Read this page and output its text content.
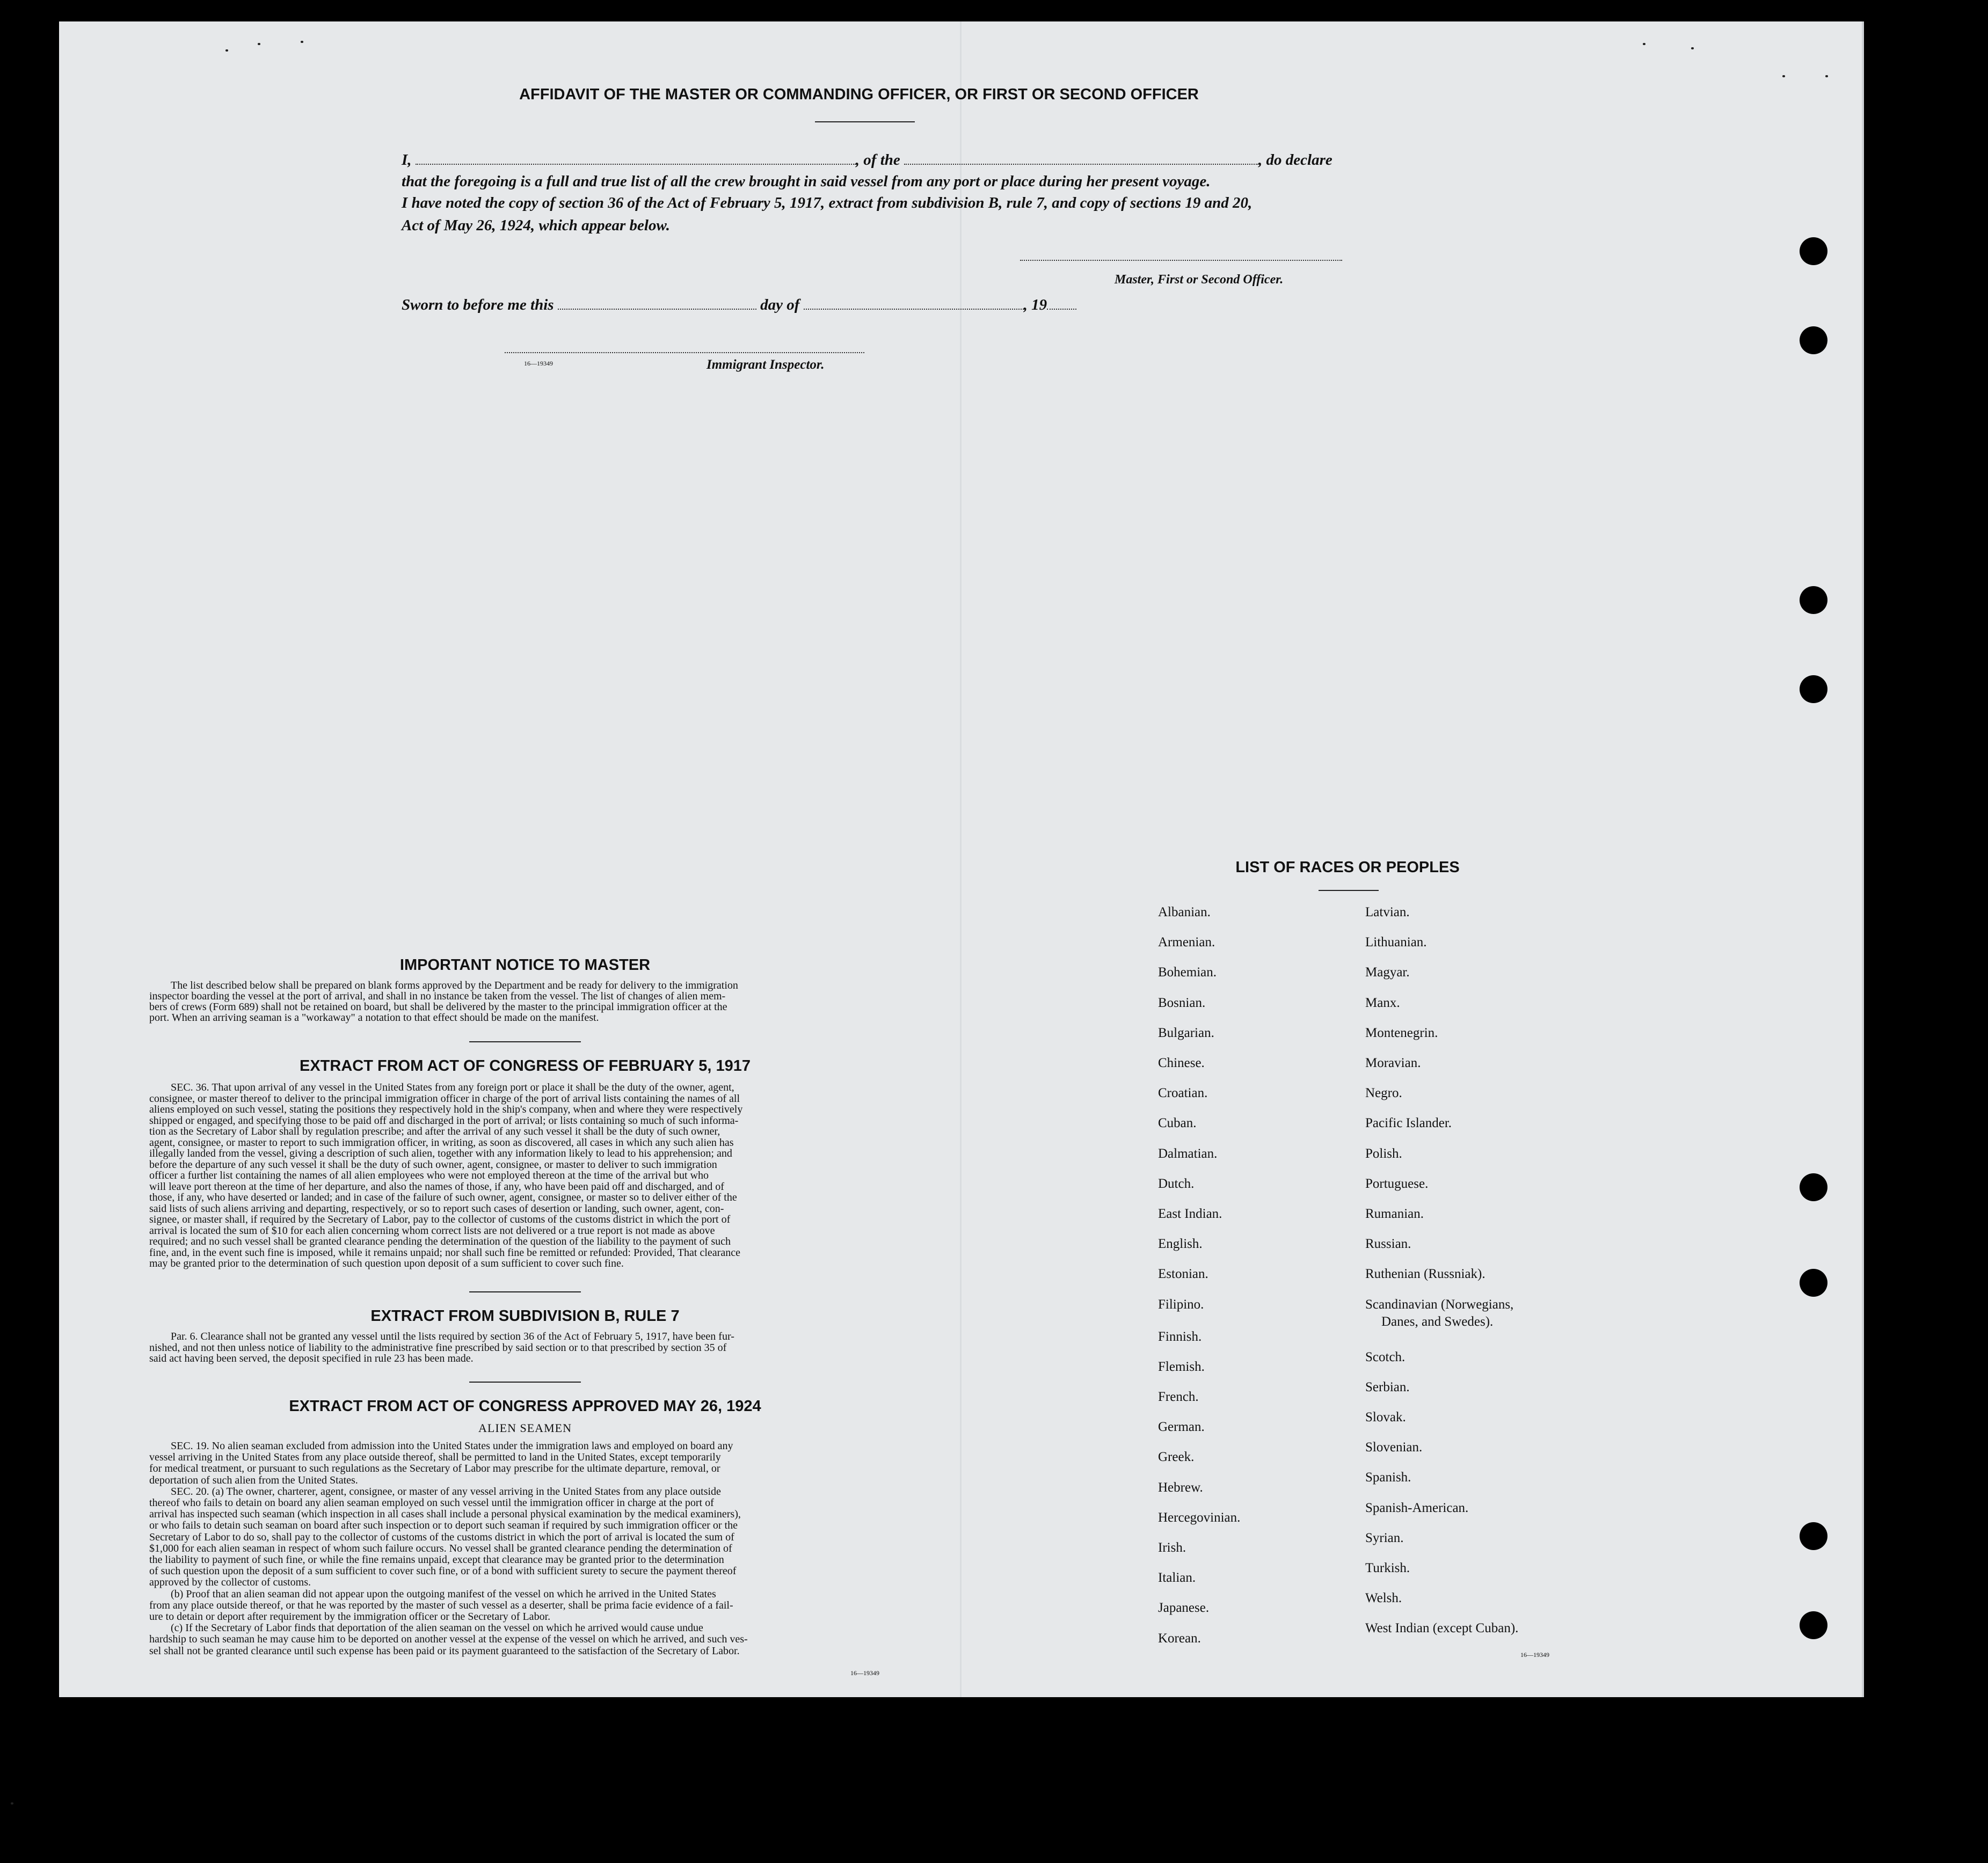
AFFIDAVIT OF THE MASTER OR COMMANDING OFFICER, OR FIRST OR SECOND OFFICER
I,	, of the	, do declare
that the foregoing is a full and true list of all the crew brought in said vessel from any port or place during her present voyage.
I have noted the copy of section 36 of the Act of February 5, 1917, extract from subdivision B, rule 7, and copy of sections 19 and 20,
Act of May 26, 1924, which appear below.
Master, First or Second Officer.
Sworn to before me this	day of	, 19
16—19349	Immigrant Inspector.
IMPORTANT NOTICE TO MASTER
The list described below shall be prepared on blank forms approved by the Department and be ready for delivery to the immigration
inspector boarding the vessel at the port of arrival, and shall in no instance be taken from the vessel. The list of changes of alien mem-
bers of crews (Form 689) shall not be retained on board, but shall be delivered by the master to the principal immigration officer at the
port. When an arriving seaman is a "workaway" a notation to that effect should be made on the manifest.
EXTRACT FROM ACT OF CONGRESS OF FEBRUARY 5, 1917
SEC. 36. That upon arrival of any vessel in the United States from any foreign port or place it shall be the duty of the owner, agent,
consignee, or master thereof to deliver to the principal immigration officer in charge of the port of arrival lists containing the names of all
aliens employed on such vessel, stating the positions they respectively hold in the ship's company, when and where they were respectively
shipped or engaged, and specifying those to be paid off and discharged in the port of arrival; or lists containing so much of such informa-
tion as the Secretary of Labor shall by regulation prescribe; and after the arrival of any such vessel it shall be the duty of such owner,
agent, consignee, or master to report to such immigration officer, in writing, as soon as discovered, all cases in which any such alien has
illegally landed from the vessel, giving a description of such alien, together with any information likely to lead to his apprehension; and
before the departure of any such vessel it shall be the duty of such owner, agent, consignee, or master to deliver to such immigration
officer a further list containing the names of all alien employees who were not employed thereon at the time of the arrival but who
will leave port thereon at the time of her departure, and also the names of those, if any, who have been paid off and discharged, and of
those, if any, who have deserted or landed; and in case of the failure of such owner, agent, consignee, or master so to deliver either of the
said lists of such aliens arriving and departing, respectively, or so to report such cases of desertion or landing, such owner, agent, con-
signee, or master shall, if required by the Secretary of Labor, pay to the collector of customs of the customs district in which the port of
arrival is located the sum of $10 for each alien concerning whom correct lists are not delivered or a true report is not made as above
required; and no such vessel shall be granted clearance pending the determination of the question of the liability to the payment of such
fine, and, in the event such fine is imposed, while it remains unpaid; nor shall such fine be remitted or refunded: Provided, That clearance
may be granted prior to the determination of such question upon deposit of a sum sufficient to cover such fine.
EXTRACT FROM SUBDIVISION B, RULE 7
Par. 6. Clearance shall not be granted any vessel until the lists required by section 36 of the Act of February 5, 1917, have been fur-
nished, and not then unless notice of liability to the administrative fine prescribed by said section or to that prescribed by section 35 of
said act having been served, the deposit specified in rule 23 has been made.
EXTRACT FROM ACT OF CONGRESS APPROVED MAY 26, 1924
ALIEN SEAMEN
SEC. 19. No alien seaman excluded from admission into the United States under the immigration laws and employed on board any
vessel arriving in the United States from any place outside thereof, shall be permitted to land in the United States, except temporarily
for medical treatment, or pursuant to such regulations as the Secretary of Labor may prescribe for the ultimate departure, removal, or
deportation of such alien from the United States.
SEC. 20. (a) The owner, charterer, agent, consignee, or master of any vessel arriving in the United States from any place outside
thereof who fails to detain on board any alien seaman employed on such vessel until the immigration officer in charge at the port of
arrival has inspected such seaman (which inspection in all cases shall include a personal physical examination by the medical examiners),
or who fails to detain such seaman on board after such inspection or to deport such seaman if required by such immigration officer or the
Secretary of Labor to do so, shall pay to the collector of customs of the customs district in which the port of arrival is located the sum of
$1,000 for each alien seaman in respect of whom such failure occurs. No vessel shall be granted clearance pending the determination of
the liability to payment of such fine, or while the fine remains unpaid, except that clearance may be granted prior to the determination
of such question upon the deposit of a sum sufficient to cover such fine, or of a bond with sufficient surety to secure the payment thereof
approved by the collector of customs.
(b) Proof that an alien seaman did not appear upon the outgoing manifest of the vessel on which he arrived in the United States
from any place outside thereof, or that he was reported by the master of such vessel as a deserter, shall be prima facie evidence of a fail-
ure to detain or deport after requirement by the immigration officer or the Secretary of Labor.
(c) If the Secretary of Labor finds that deportation of the alien seaman on the vessel on which he arrived would cause undue
hardship to such seaman he may cause him to be deported on another vessel at the expense of the vessel on which he arrived, and such ves-
sel shall not be granted clearance until such expense has been paid or its payment guaranteed to the satisfaction of the Secretary of Labor.
16—19349
LIST OF RACES OR PEOPLES
Albanian.
Armenian.
Bohemian.
Bosnian.
Bulgarian.
Chinese.
Croatian.
Cuban.
Dalmatian.
Dutch.
East Indian.
English.
Estonian.
Filipino.
Finnish.
Flemish.
French.
German.
Greek.
Hebrew.
Hercegovinian.
Irish.
Italian.
Japanese.
Korean.
Latvian.
Lithuanian.
Magyar.
Manx.
Montenegrin.
Moravian.
Negro.
Pacific Islander.
Polish.
Portuguese.
Rumanian.
Russian.
Ruthenian (Russniak).
Scandinavian (Norwegians,
Danes, and Swedes).
Scotch.
Serbian.
Slovak.
Slovenian.
Spanish.
Spanish-American.
Syrian.
Turkish.
Welsh.
West Indian (except Cuban).
16—19349
